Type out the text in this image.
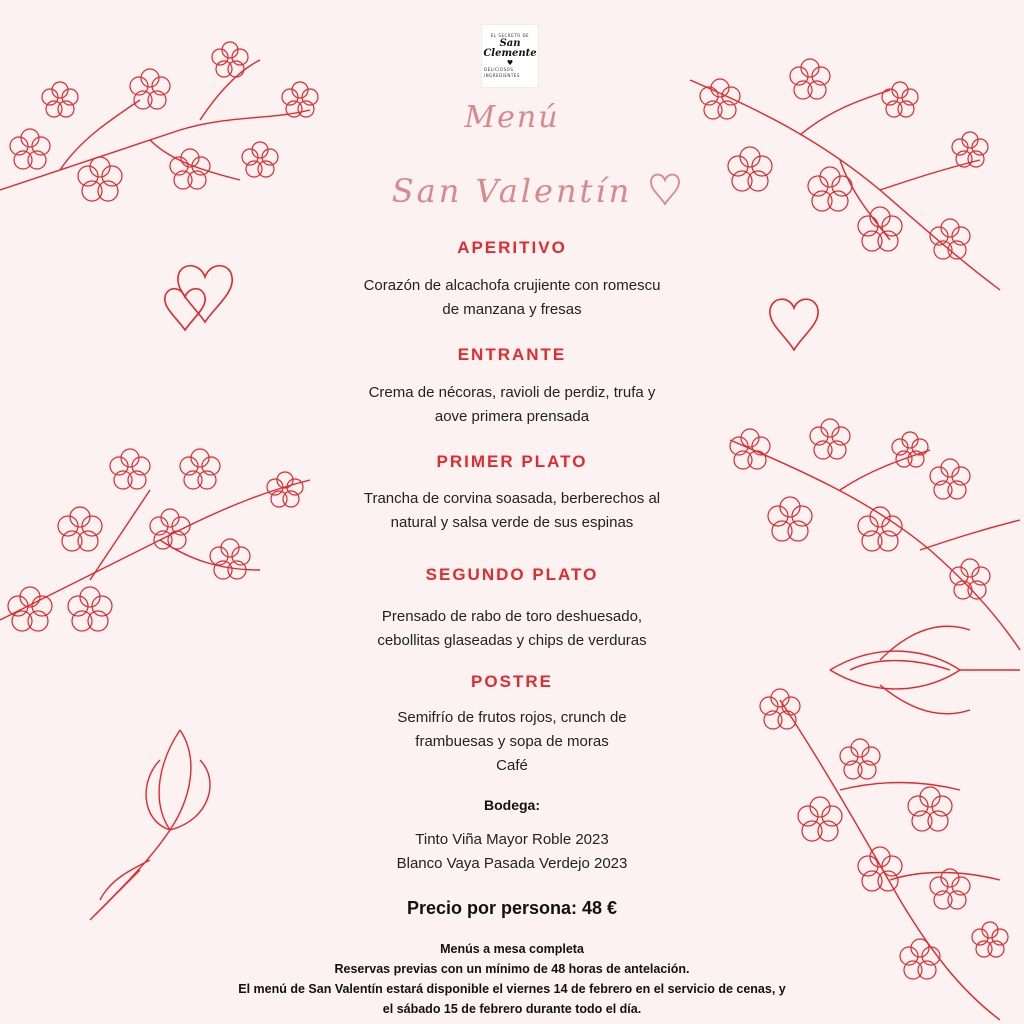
EL SECRETO DE
San Clemente
♥
DELICIOSOS INGREDIENTES
Menú
San Valentín
APERITIVO
Corazón de alcachofa crujiente con romescu
de manzana y fresas
ENTRANTE
Crema de nécoras, ravioli de perdiz, trufa y
aove primera prensada
PRIMER PLATO
Trancha de corvina soasada, berberechos al
natural y salsa verde de sus espinas
SEGUNDO PLATO
Prensado de rabo de toro deshuesado,
cebollitas glaseadas y chips de verduras
POSTRE
Semifrío de frutos rojos, crunch de
frambuesas y sopa de moras
Café
Bodega:
Tinto Viña Mayor Roble 2023
Blanco Vaya Pasada Verdejo 2023
Precio por persona: 48 €
Menús a mesa completa
Reservas previas con un mínimo de 48 horas de antelación.
El menú de San Valentín estará disponible el viernes 14 de febrero en el servicio de cenas, y
el sábado 15 de febrero durante todo el día.
